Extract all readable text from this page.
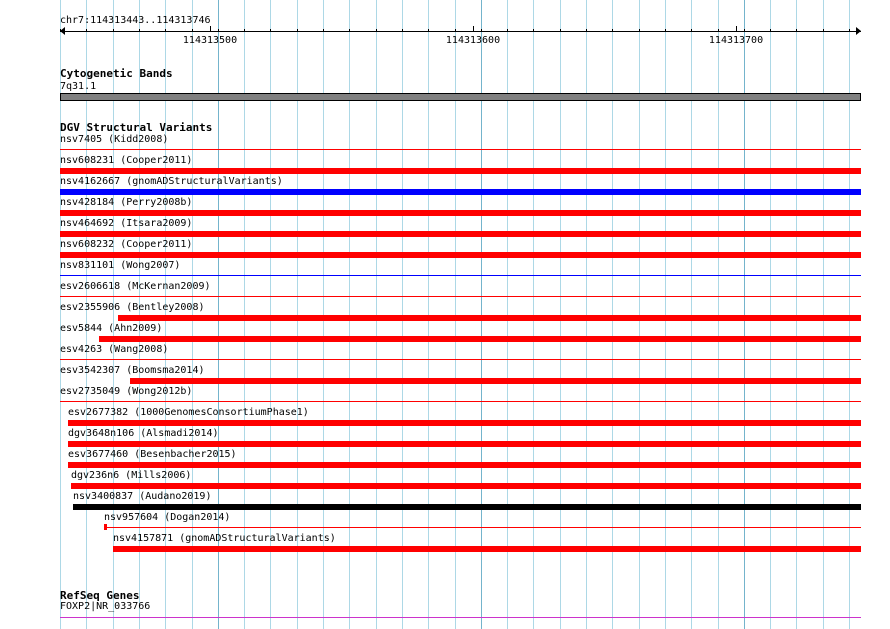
chr7:114313443..114313746
114313500	114313600	114313700
Cytogenetic Bands
7q31.1
DGV Structural Variants
nsv7405 (Kidd2008)
nsv608231 (Cooper2011)
nsv4162667 (gnomADStructuralVariants)
nsv428184 (Perry2008b)
nsv464692 (Itsara2009)
nsv608232 (Cooper2011)
nsv831101 (Wong2007)
esv2606618 (McKernan2009)
esv2355906 (Bentley2008)
esv5844 (Ahn2009)
esv4263 (Wang2008)
esv3542307 (Boomsma2014)
esv2735049 (Wong2012b)
esv2677382 (1000GenomesConsortiumPhase1)
dgv3648n106 (Alsmadi2014)
esv3677460 (Besenbacher2015)
dgv236n6 (Mills2006)
nsv3400837 (Audano2019)
nsv957604 (Dogan2014)
nsv4157871 (gnomADStructuralVariants)
RefSeq Genes
FOXP2|NR_033766
